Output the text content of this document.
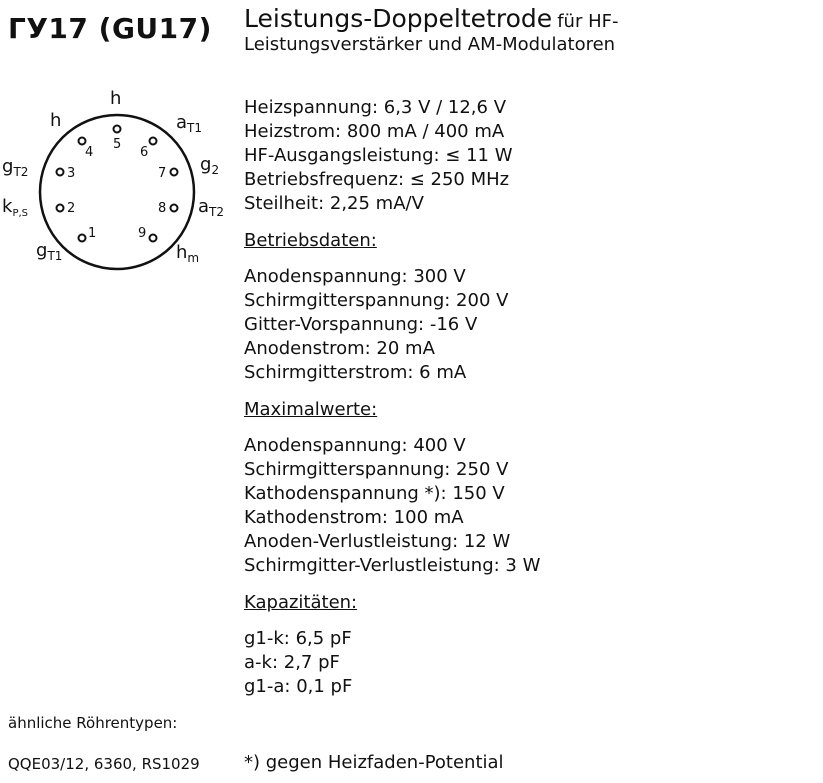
ГУ17 (GU17) Leistungs-Doppeltetrode für HF-
Leistungsverstärker und AM-Modulatoren
5
4	6
3	7
2	8
1	9
h
h	$a_{T1}$
$g_{T2}$	$g_2$
$k_{P,S}$	$a_{T2}$
$g_{T1}$	$h_m$
Heizspannung: 6,3 V / 12,6 V
Heizstrom: 800 mA / 400 mA
HF-Ausgangsleistung: ≤ 11 W
Betriebsfrequenz: ≤ 250 MHz
Steilheit: 2,25 mA/V
Betriebsdaten:
Anodenspannung: 300 V
Schirmgitterspannung: 200 V
Gitter-Vorspannung: -16 V
Anodenstrom: 20 mA
Schirmgitterstrom: 6 mA
Maximalwerte:
Anodenspannung: 400 V
Schirmgitterspannung: 250 V
Kathodenspannung *): 150 V
Kathodenstrom: 100 mA
Anoden-Verlustleistung: 12 W
Schirmgitter-Verlustleistung: 3 W
Kapazitäten:
g1-k: 6,5 pF
a-k: 2,7 pF
g1-a: 0,1 pF
*) gegen Heizfaden-Potential
ähnliche Röhrentypen:
QQE03/12, 6360, RS1029
